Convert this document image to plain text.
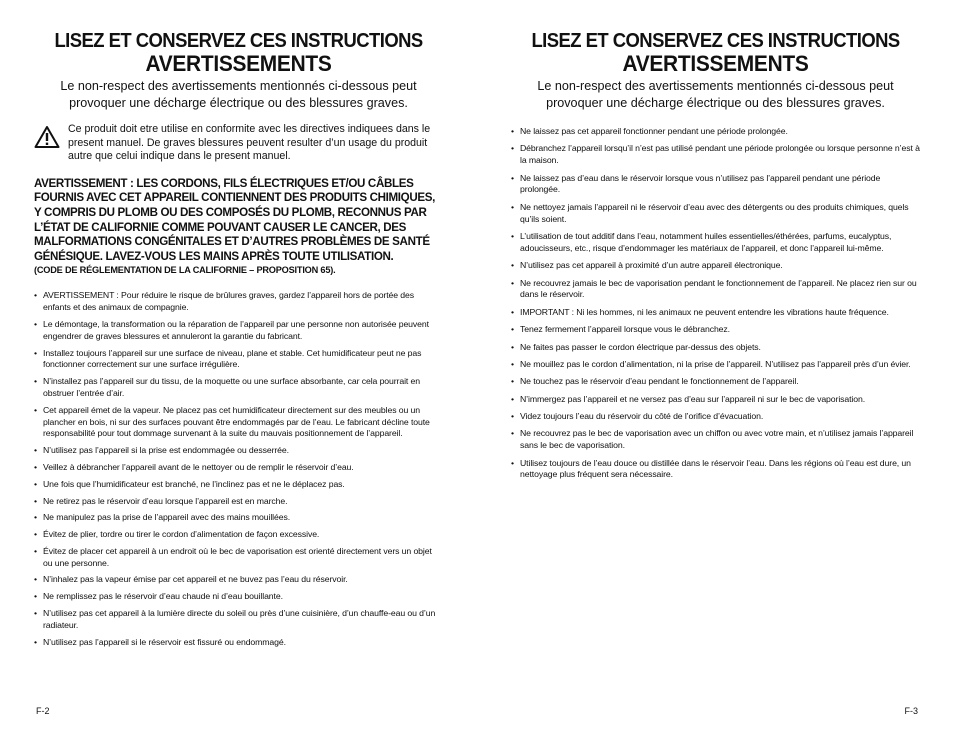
LISEZ ET CONSERVEZ CES INSTRUCTIONS
AVERTISSEMENTS
Le non-respect des avertissements mentionnés ci-dessous peut provoquer une décharge électrique ou des blessures graves.
Ce produit doit etre utilise en conformite avec les directives indiquees dans le present manuel. De graves blessures peuvent resulter d’un usage du produit autre que celui indique dans le present manuel.
AVERTISSEMENT : LES CORDONS, FILS ÉLECTRIQUES ET/OU CÂBLES FOURNIS AVEC CET APPAREIL CONTIENNENT DES PRODUITS CHIMIQUES, Y COMPRIS DU PLOMB OU DES COMPOSÉS DU PLOMB, RECONNUS PAR L’ÉTAT DE CALIFORNIE COMME POUVANT CAUSER LE CANCER, DES MALFORMATIONS CONGÉNITALES ET D’AUTRES PROBLÈMES DE SANTÉ GÉNÉSIQUE. LAVEZ-VOUS LES MAINS APRÈS TOUTE UTILISATION.
(CODE DE RÉGLEMENTATION DE LA CALIFORNIE – PROPOSITION 65).
• AVERTISSEMENT : Pour réduire le risque de brûlures graves, gardez l’appareil hors de portée des enfants et des animaux de compagnie.
• Le démontage, la transformation ou la réparation de l’appareil par une personne non autorisée peuvent engendrer de graves blessures et annuleront la garantie du fabricant.
• Installez toujours l’appareil sur une surface de niveau, plane et stable. Cet humidificateur peut ne pas fonctionner correctement sur une surface irrégulière.
• N’installez pas l’appareil sur du tissu, de la moquette ou une surface absorbante, car cela pourrait en obstruer l’entrée d’air.
• Cet appareil émet de la vapeur. Ne placez pas cet humidificateur directement sur des meubles ou un plancher en bois, ni sur des surfaces pouvant être endommagés par de l’eau. Le fabricant décline toute responsabilité pour tout dommage survenant à la suite du mauvais positionnement de l’appareil.
• N’utilisez pas l’appareil si la prise est endommagée ou desserrée.
• Veillez à débrancher l’appareil avant de le nettoyer ou de remplir le réservoir d’eau.
• Une fois que l’humidificateur est branché, ne l’inclinez pas et ne le déplacez pas.
• Ne retirez pas le réservoir d’eau lorsque l’appareil est en marche.
• Ne manipulez pas la prise de l’appareil avec des mains mouillées.
• Évitez de plier, tordre ou tirer le cordon d’alimentation de façon excessive.
• Évitez de placer cet appareil à un endroit où le bec de vaporisation est orienté directement vers un objet ou une personne.
• N’inhalez pas la vapeur émise par cet appareil et ne buvez pas l’eau du réservoir.
• Ne remplissez pas le réservoir d’eau chaude ni d’eau bouillante.
• N’utilisez pas cet appareil à la lumière directe du soleil ou près d’une cuisinière, d’un chauffe-eau ou d’un radiateur.
• N’utilisez pas l’appareil si le réservoir est fissuré ou endommagé.
F-2
LISEZ ET CONSERVEZ CES INSTRUCTIONS
AVERTISSEMENTS
Le non-respect des avertissements mentionnés ci-dessous peut provoquer une décharge électrique ou des blessures graves.
• Ne laissez pas cet appareil fonctionner pendant une période prolongée.
• Débranchez l’appareil lorsqu’il n’est pas utilisé pendant une période prolongée ou lorsque personne n’est à la maison.
• Ne laissez pas d’eau dans le réservoir lorsque vous n’utilisez pas l’appareil pendant une période prolongée.
• Ne nettoyez jamais l’appareil ni le réservoir d’eau avec des détergents ou des produits chimiques, quels qu’ils soient.
• L’utilisation de tout additif dans l’eau, notamment huiles essentielles/éthérées, parfums, eucalyptus, adoucisseurs, etc., risque d’endommager les matériaux de l’appareil, et donc l’appareil lui-même.
• N’utilisez pas cet appareil à proximité d’un autre appareil électronique.
• Ne recouvrez jamais le bec de vaporisation pendant le fonctionnement de l’appareil. Ne placez rien sur ou dans le réservoir.
• IMPORTANT : Ni les hommes, ni les animaux ne peuvent entendre les vibrations haute fréquence.
• Tenez fermement l’appareil lorsque vous le débranchez.
• Ne faites pas passer le cordon électrique par-dessus des objets.
• Ne mouillez pas le cordon d’alimentation, ni la prise de l’appareil. N’utilisez pas l’appareil près d’un évier.
• Ne touchez pas le réservoir d’eau pendant le fonctionnement de l’appareil.
• N’immergez pas l’appareil et ne versez pas d’eau sur l’appareil ni sur le bec de vaporisation.
• Videz toujours l’eau du réservoir du côté de l’orifice d’évacuation.
• Ne recouvrez pas le bec de vaporisation avec un chiffon ou avec votre main, et n’utilisez jamais l’appareil sans le bec de vaporisation.
• Utilisez toujours de l’eau douce ou distillée dans le réservoir l’eau. Dans les régions où l’eau est dure, un nettoyage plus fréquent sera nécessaire.
F-3
